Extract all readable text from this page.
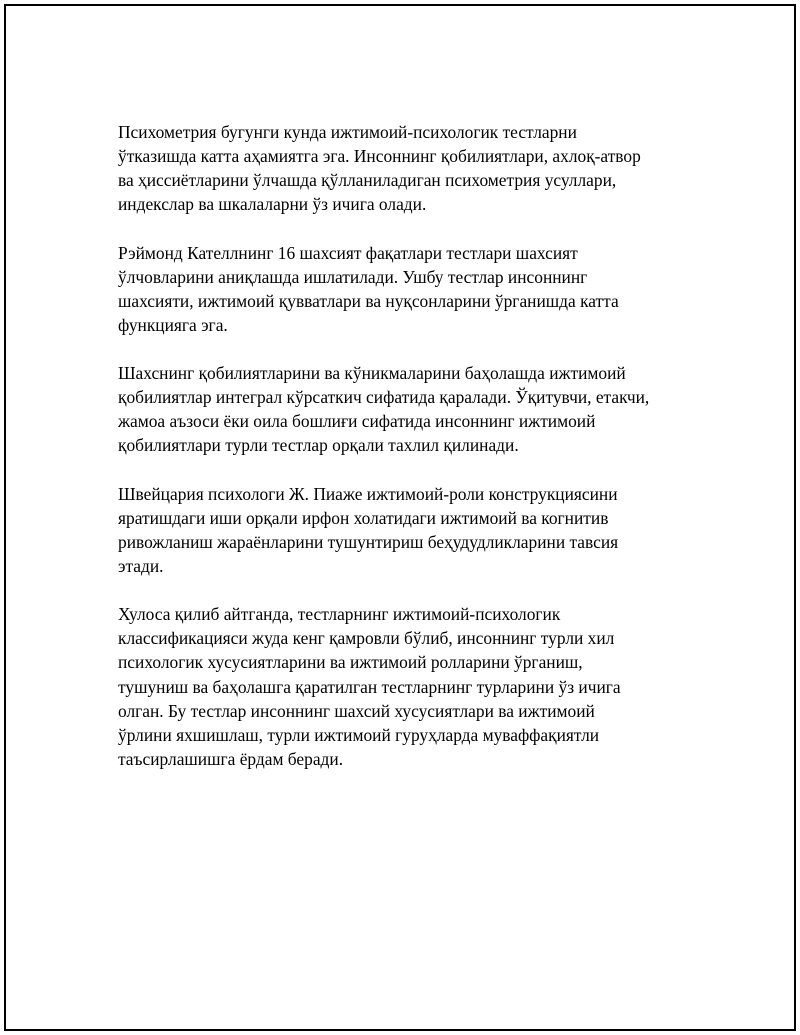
Психометрия бугунги кунда ижтимоий-психологик тестларни
ўтказишда катта аҳамиятга эга. Инсоннинг қобилиятлари, ахлоқ-атвор
ва ҳиссиётларини ўлчашда қўлланиладиган психометрия усуллари,
индекслар ва шкалаларни ўз ичига олади.

Рэймонд Кателлнинг 16 шахсият фақатлари тестлари шахсият
ўлчовларини аниқлашда ишлатилади. Ушбу тестлар инсоннинг
шахсияти, ижтимоий қувватлари ва нуқсонларини ўрганишда катта
функцияга эга.

Шахснинг қобилиятларини ва кўникмаларини баҳолашда ижтимоий
қобилиятлар интеграл кўрсаткич сифатида қаралади. Ўқитувчи, етакчи,
жамоа аъзоси ёки оила бошлиғи сифатида инсоннинг ижтимоий
қобилиятлари турли тестлар орқали тахлил қилинади.

Швейцария психологи Ж. Пиаже ижтимоий-роли конструкциясини
яратишдаги иши орқали ирфон холатидаги ижтимоий ва когнитив
ривожланиш жараёнларини тушунтириш беҳудудликларини тавсия
этади.

Хулоса қилиб айтганда, тестларнинг ижтимоий-психологик
классификацияси жуда кенг қамровли бўлиб, инсоннинг турли хил
психологик хусусиятларини ва ижтимоий ролларини ўрганиш,
тушуниш ва баҳолашга қаратилган тестларнинг турларини ўз ичига
олган. Бу тестлар инсоннинг шахсий хусусиятлари ва ижтимоий
ўрлини яхшишлаш, турли ижтимоий гуруҳларда муваффақиятли
таъсирлашишга ёрдам беради.
